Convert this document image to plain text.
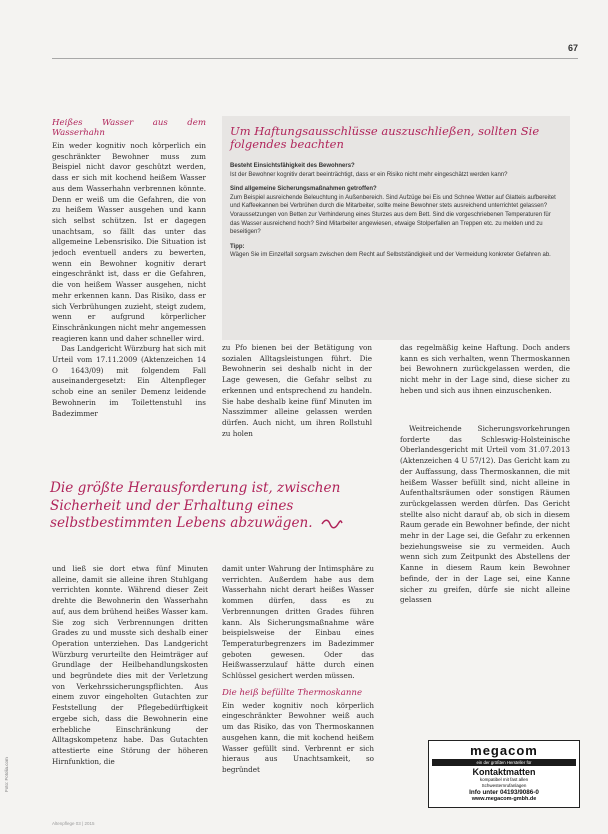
67
Heißes Wasser aus dem Wasserhahn

Ein weder kognitiv noch körperlich ein geschränkter Bewohner muss zum Beispiel nicht davor geschützt werden, dass er sich mit kochend heißem Wasser aus dem Wasserhahn verbrennen könnte. Denn er weiß um die Gefahren, die von zu heißem Wasser ausgehen und kann sich selbst schützen. Ist er dagegen unachtsam, so fällt das unter das allgemeine Lebensrisiko. Die Situation ist jedoch eventuell anders zu bewerten, wenn ein Bewohner kognitiv derart eingeschränkt ist, dass er die Gefahren, die von heißem Wasser ausgehen, nicht mehr erkennen kann. Das Risiko, dass er sich Verbrühungen zuzieht, steigt zudem, wenn er aufgrund körperlicher Einschränkungen nicht mehr angemessen reagieren kann und daher schneller wird.

Das Landgericht Würzburg hat sich mit Urteil vom 17.11.2009 (Aktenzeichen 14 O 1643/09) mit folgendem Fall auseinandergesetzt: Ein Altenpfleger schob eine an seniler Demenz leidende Bewohnerin im Toilettenstuhl ins Badezimmer

Um Haftungsausschlüsse auszuschließen, sollten Sie folgendes beachten
Besteht Einsichtsfähigkeit des Bewohners?

Ist der Bewohner kognitiv derart beeinträchtigt, dass er ein Risiko nicht mehr eingeschätzt werden kann?

Sind allgemeine Sicherungsmaßnahmen getroffen?

Zum Beispiel ausreichende Beleuchtung in Außenbereich. Sind Aufzüge bei Eis und Schnee Wetter auf Glatteis aufbereitet und Kaffeekannen bei Verbrühen durch die Mitarbeiter, sollte meine Bewohner stets ausreichend unterrichtet gelassen? Voraussetzungen von Betten zur Verhinderung eines Sturzes aus dem Bett. Sind die vorgeschriebenen Temperaturen für das Wasser ausreichend hoch? Sind Mitarbeiter angewiesen, etwaige Stolperfallen an Treppen etc. zu melden und zu beseitigen?

Tipp:

Wägen Sie im Einzelfall sorgsam zwischen dem Recht auf Selbstständigkeit und der Vermeidung konkreter Gefahren ab.

zu Pfo bienen bei der Betätigung von sozialen Alltagsleistungen führt. Die Bewohnerin sei deshalb nicht in der Lage gewesen, die Gefahr selbst zu erkennen und entsprechend zu handeln. Sie habe deshalb keine fünf Minuten im Nasszimmer alleine gelassen werden dürfen. Auch nicht, um ihren Rollstuhl zu holen

das regelmäßig keine Haftung. Doch anders kann es sich verhalten, wenn Thermoskannen bei Bewohnern zurückgelassen werden, die nicht mehr in der Lage sind, diese sicher zu heben und sich aus ihnen einzuschenken.

Die größte Herausforderung ist, zwischen Sicherheit und der Erhaltung eines selbstbestimmten Lebens abzuwägen.

Weitreichende Sicherungsvorkehrungen forderte das Schleswig-Holsteinische Oberlandesgericht mit Urteil vom 31.07.2013 (Aktenzeichen 4 U 57/12). Das Gericht kam zu der Auffassung, dass Thermoskannen, die mit heißem Wasser befüllt sind, nicht alleine in Aufenthaltsräumen oder sonstigen Räumen zurückgelassen werden dürfen. Das Gericht stellte also nicht darauf ab, ob sich in diesem Raum gerade ein Bewohner befinde, der nicht mehr in der Lage sei, die Gefahr zu erkennen beziehungsweise sie zu vermeiden. Auch wenn sich zum Zeitpunkt des Abstellens der Kanne in diesem Raum kein Bewohner befinde, der in der Lage sei, eine Kanne sicher zu greifen, dürfe sie nicht alleine gelassen

und ließ sie dort etwa fünf Minuten alleine, damit sie alleine ihren Stuhlgang verrichten konnte. Während dieser Zeit drehte die Bewohnerin den Wasserhahn auf, aus dem brühend heißes Wasser kam. Sie zog sich Verbrennungen dritten Grades zu und musste sich deshalb einer Operation unterziehen. Das Landgericht Würzburg verurteilte den Heimträger auf Grundlage der Heilbehandlungskosten und begründete dies mit der Verletzung von Verkehrssicherungspflichten. Aus einem zuvor eingeholten Gutachten zur Feststellung der Pflegebedürftigkeit ergebe sich, dass die Bewohnerin eine erhebliche Einschränkung der Alltagskompetenz habe. Das Gutachten attestierte eine Störung der höheren Hirnfunktion, die

damit unter Wahrung der Intimsphäre zu verrichten. Außerdem habe aus dem Wasserhahn nicht derart heißes Wasser kommen dürfen, dass es zu Verbrennungen dritten Grades führen kann. Als Sicherungsmaßnahme wäre beispielsweise der Einbau eines Temperaturbegrenzers im Badezimmer geboten gewesen. Oder das Heißwasserzulauf hätte durch einen Schlüssel gesichert werden müssen.

Die heiß befüllte Thermoskanne

Ein weder kognitiv noch körperlich eingeschränkter Bewohner weiß auch um das Risiko, das von Thermoskannen ausgehen kann, die mit kochend heißem Wasser gefüllt sind. Verbrennt er sich hieraus aus Unachtsamkeit, so begründet

megacom
ein der größten Hersteller für
Kontaktmatten
kompatibel mit fast allen
Schwesternrufanlagen
Info unter 04193/9086-0
www.megacom-gmbh.de
Foto: Fotolia.com
Altenpflege 03 | 2015
